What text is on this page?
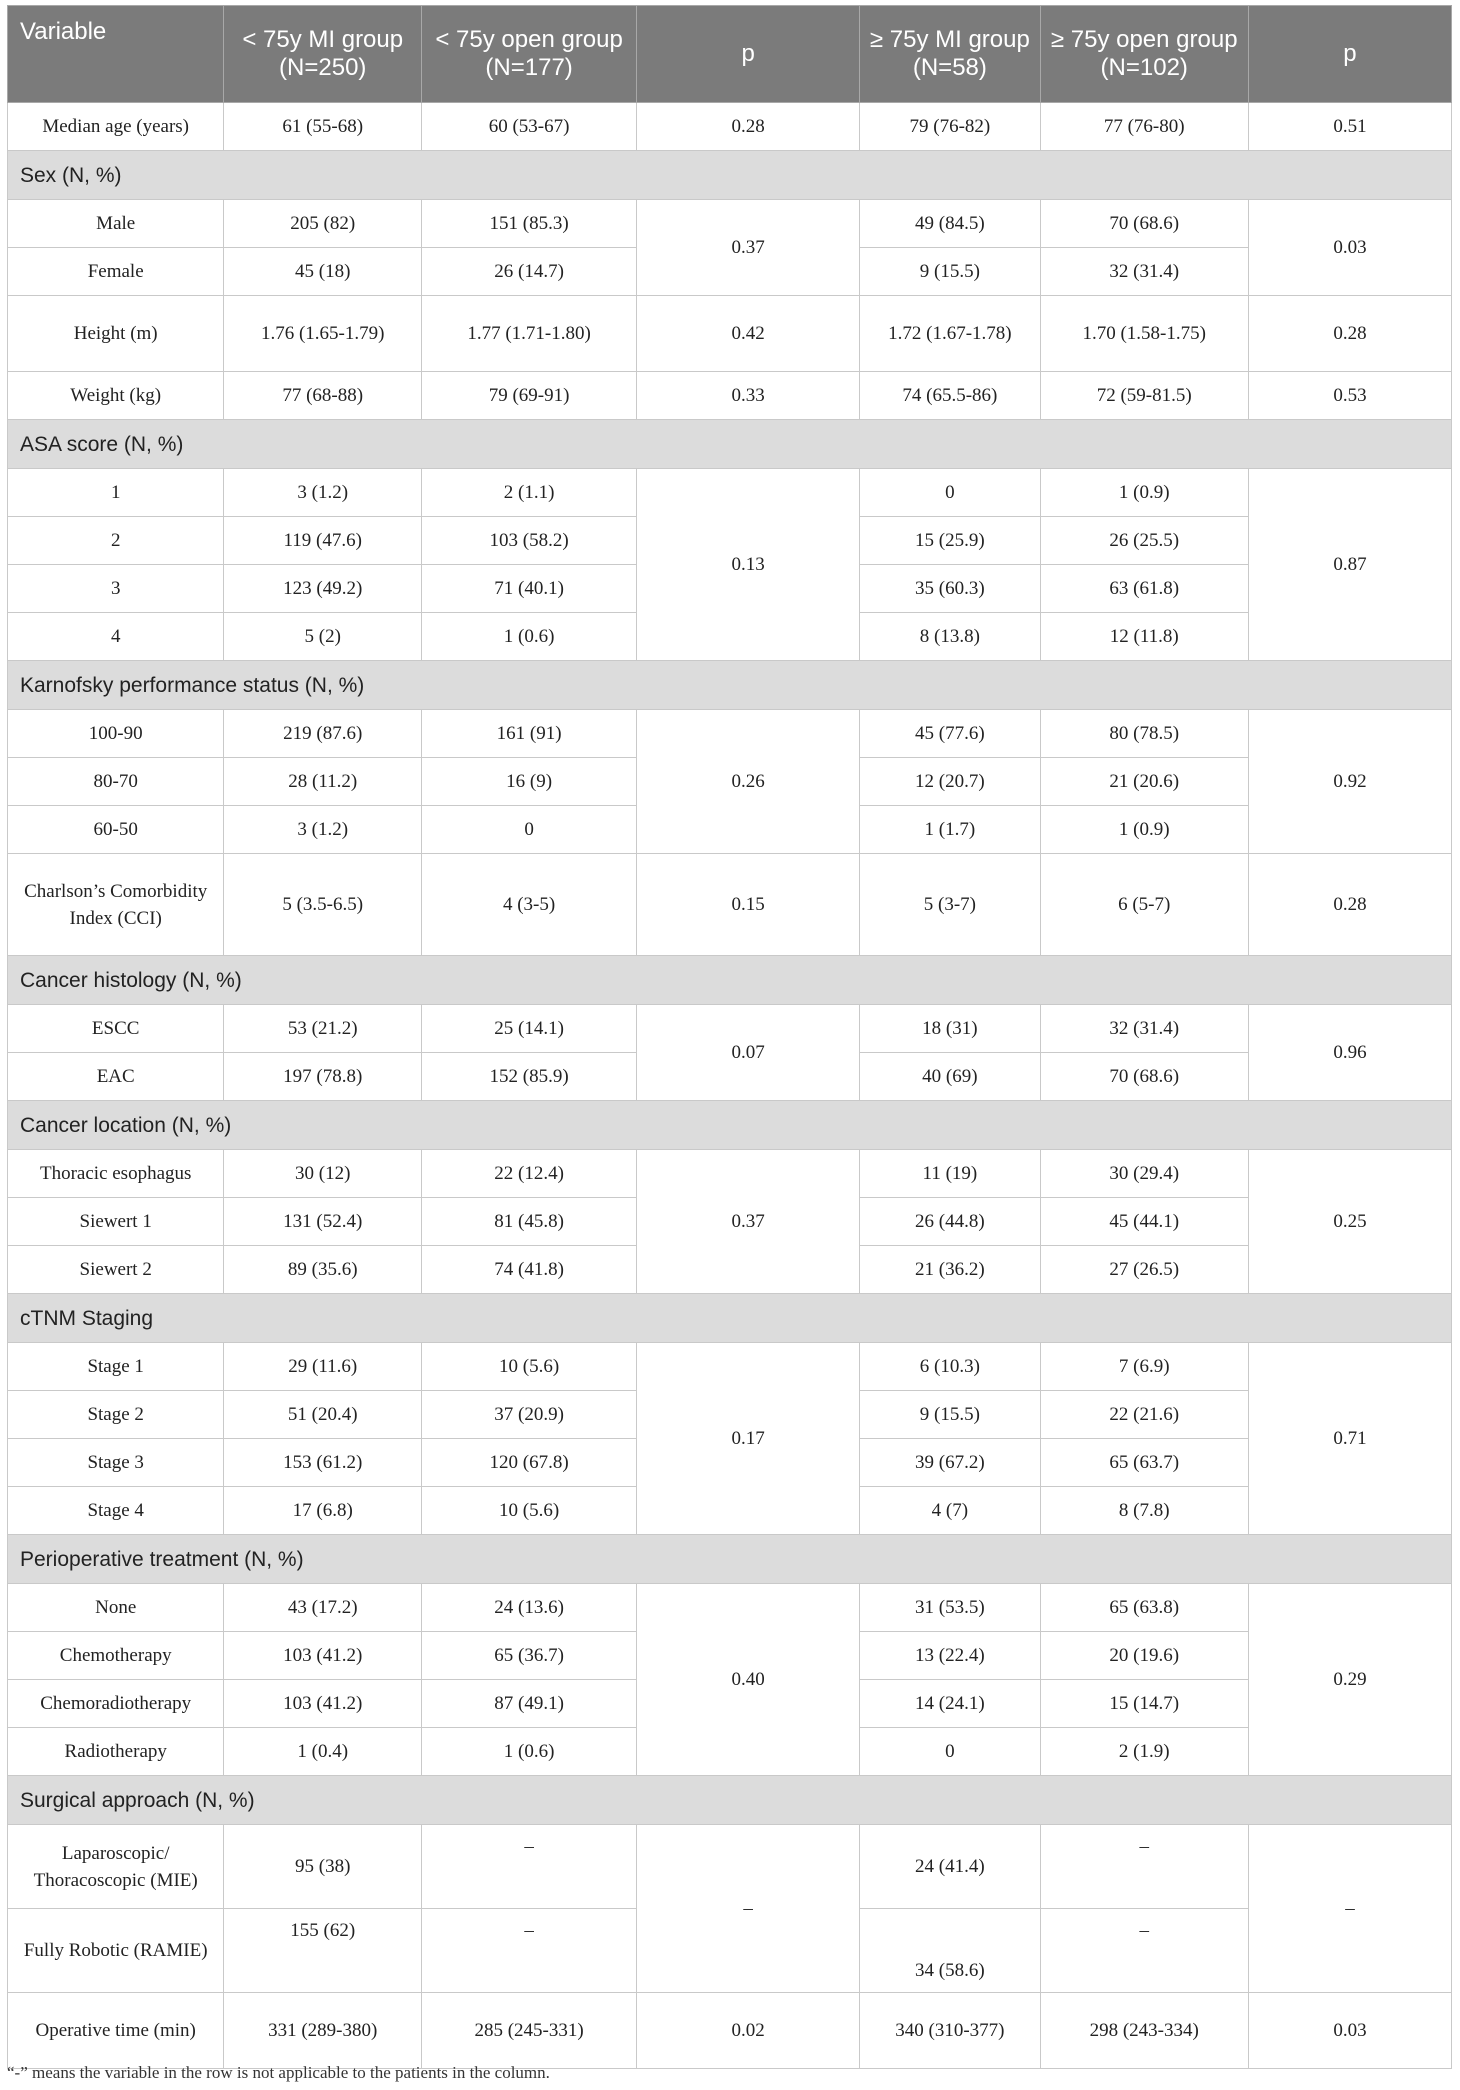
Variable	< 75y MI group (N=250)	< 75y open group (N=177)	p	≥ 75y MI group (N=58)	≥ 75y open group (N=102)	p
Median age (years)	61 (55-68)	60 (53-67)	0.28	79 (76-82)	77 (76-80)	0.51
Sex (N, %)						
Male	205 (82)	151 (85.3)	0.37	49 (84.5)	70 (68.6)	0.03
Female	45 (18)	26 (14.7)		9 (15.5)	32 (31.4)	
Height (m)	1.76 (1.65-1.79)	1.77 (1.71-1.80)	0.42	1.72 (1.67-1.78)	1.70 (1.58-1.75)	0.28
Weight (kg)	77 (68-88)	79 (69-91)	0.33	74 (65.5-86)	72 (59-81.5)	0.53
ASA score (N, %)						
1	3 (1.2)	2 (1.1)	0.13	0	1 (0.9)	0.87
2	119 (47.6)	103 (58.2)		15 (25.9)	26 (25.5)	
3	123 (49.2)	71 (40.1)		35 (60.3)	63 (61.8)	
4	5 (2)	1 (0.6)		8 (13.8)	12 (11.8)	
Karnofsky performance status (N, %)						
100-90	219 (87.6)	161 (91)	0.26	45 (77.6)	80 (78.5)	0.92
80-70	28 (11.2)	16 (9)		12 (20.7)	21 (20.6)	
60-50	3 (1.2)	0		1 (1.7)	1 (0.9)	
Charlson’s Comorbidity Index (CCI)	5 (3.5-6.5)	4 (3-5)	0.15	5 (3-7)	6 (5-7)	0.28
Cancer histology (N, %)						
ESCC	53 (21.2)	25 (14.1)	0.07	18 (31)	32 (31.4)	0.96
EAC	197 (78.8)	152 (85.9)		40 (69)	70 (68.6)	
Cancer location (N, %)						
Thoracic esophagus	30 (12)	22 (12.4)	0.37	11 (19)	30 (29.4)	0.25
Siewert 1	131 (52.4)	81 (45.8)		26 (44.8)	45 (44.1)	
Siewert 2	89 (35.6)	74 (41.8)		21 (36.2)	27 (26.5)	
cTNM Staging						
Stage 1	29 (11.6)	10 (5.6)	0.17	6 (10.3)	7 (6.9)	0.71
Stage 2	51 (20.4)	37 (20.9)		9 (15.5)	22 (21.6)	
Stage 3	153 (61.2)	120 (67.8)		39 (67.2)	65 (63.7)	
Stage 4	17 (6.8)	10 (5.6)		4 (7)	8 (7.8)	
Perioperative treatment (N, %)						
None	43 (17.2)	24 (13.6)	0.40	31 (53.5)	65 (63.8)	0.29
Chemotherapy	103 (41.2)	65 (36.7)		13 (22.4)	20 (19.6)	
Chemoradiotherapy	103 (41.2)	87 (49.1)		14 (24.1)	15 (14.7)	
Radiotherapy	1 (0.4)	1 (0.6)		0	2 (1.9)	
Surgical approach (N, %)						
Laparoscopic/ Thoracoscopic (MIE)	95 (38)	–	–	24 (41.4)	–	–
Fully Robotic (RAMIE)	155 (62)	–		34 (58.6)	–	
Operative time (min)	331 (289-380)	285 (245-331)	0.02	340 (310-377)	298 (243-334)	0.03
“-” means the variable in the row is not applicable to the patients in the column.
